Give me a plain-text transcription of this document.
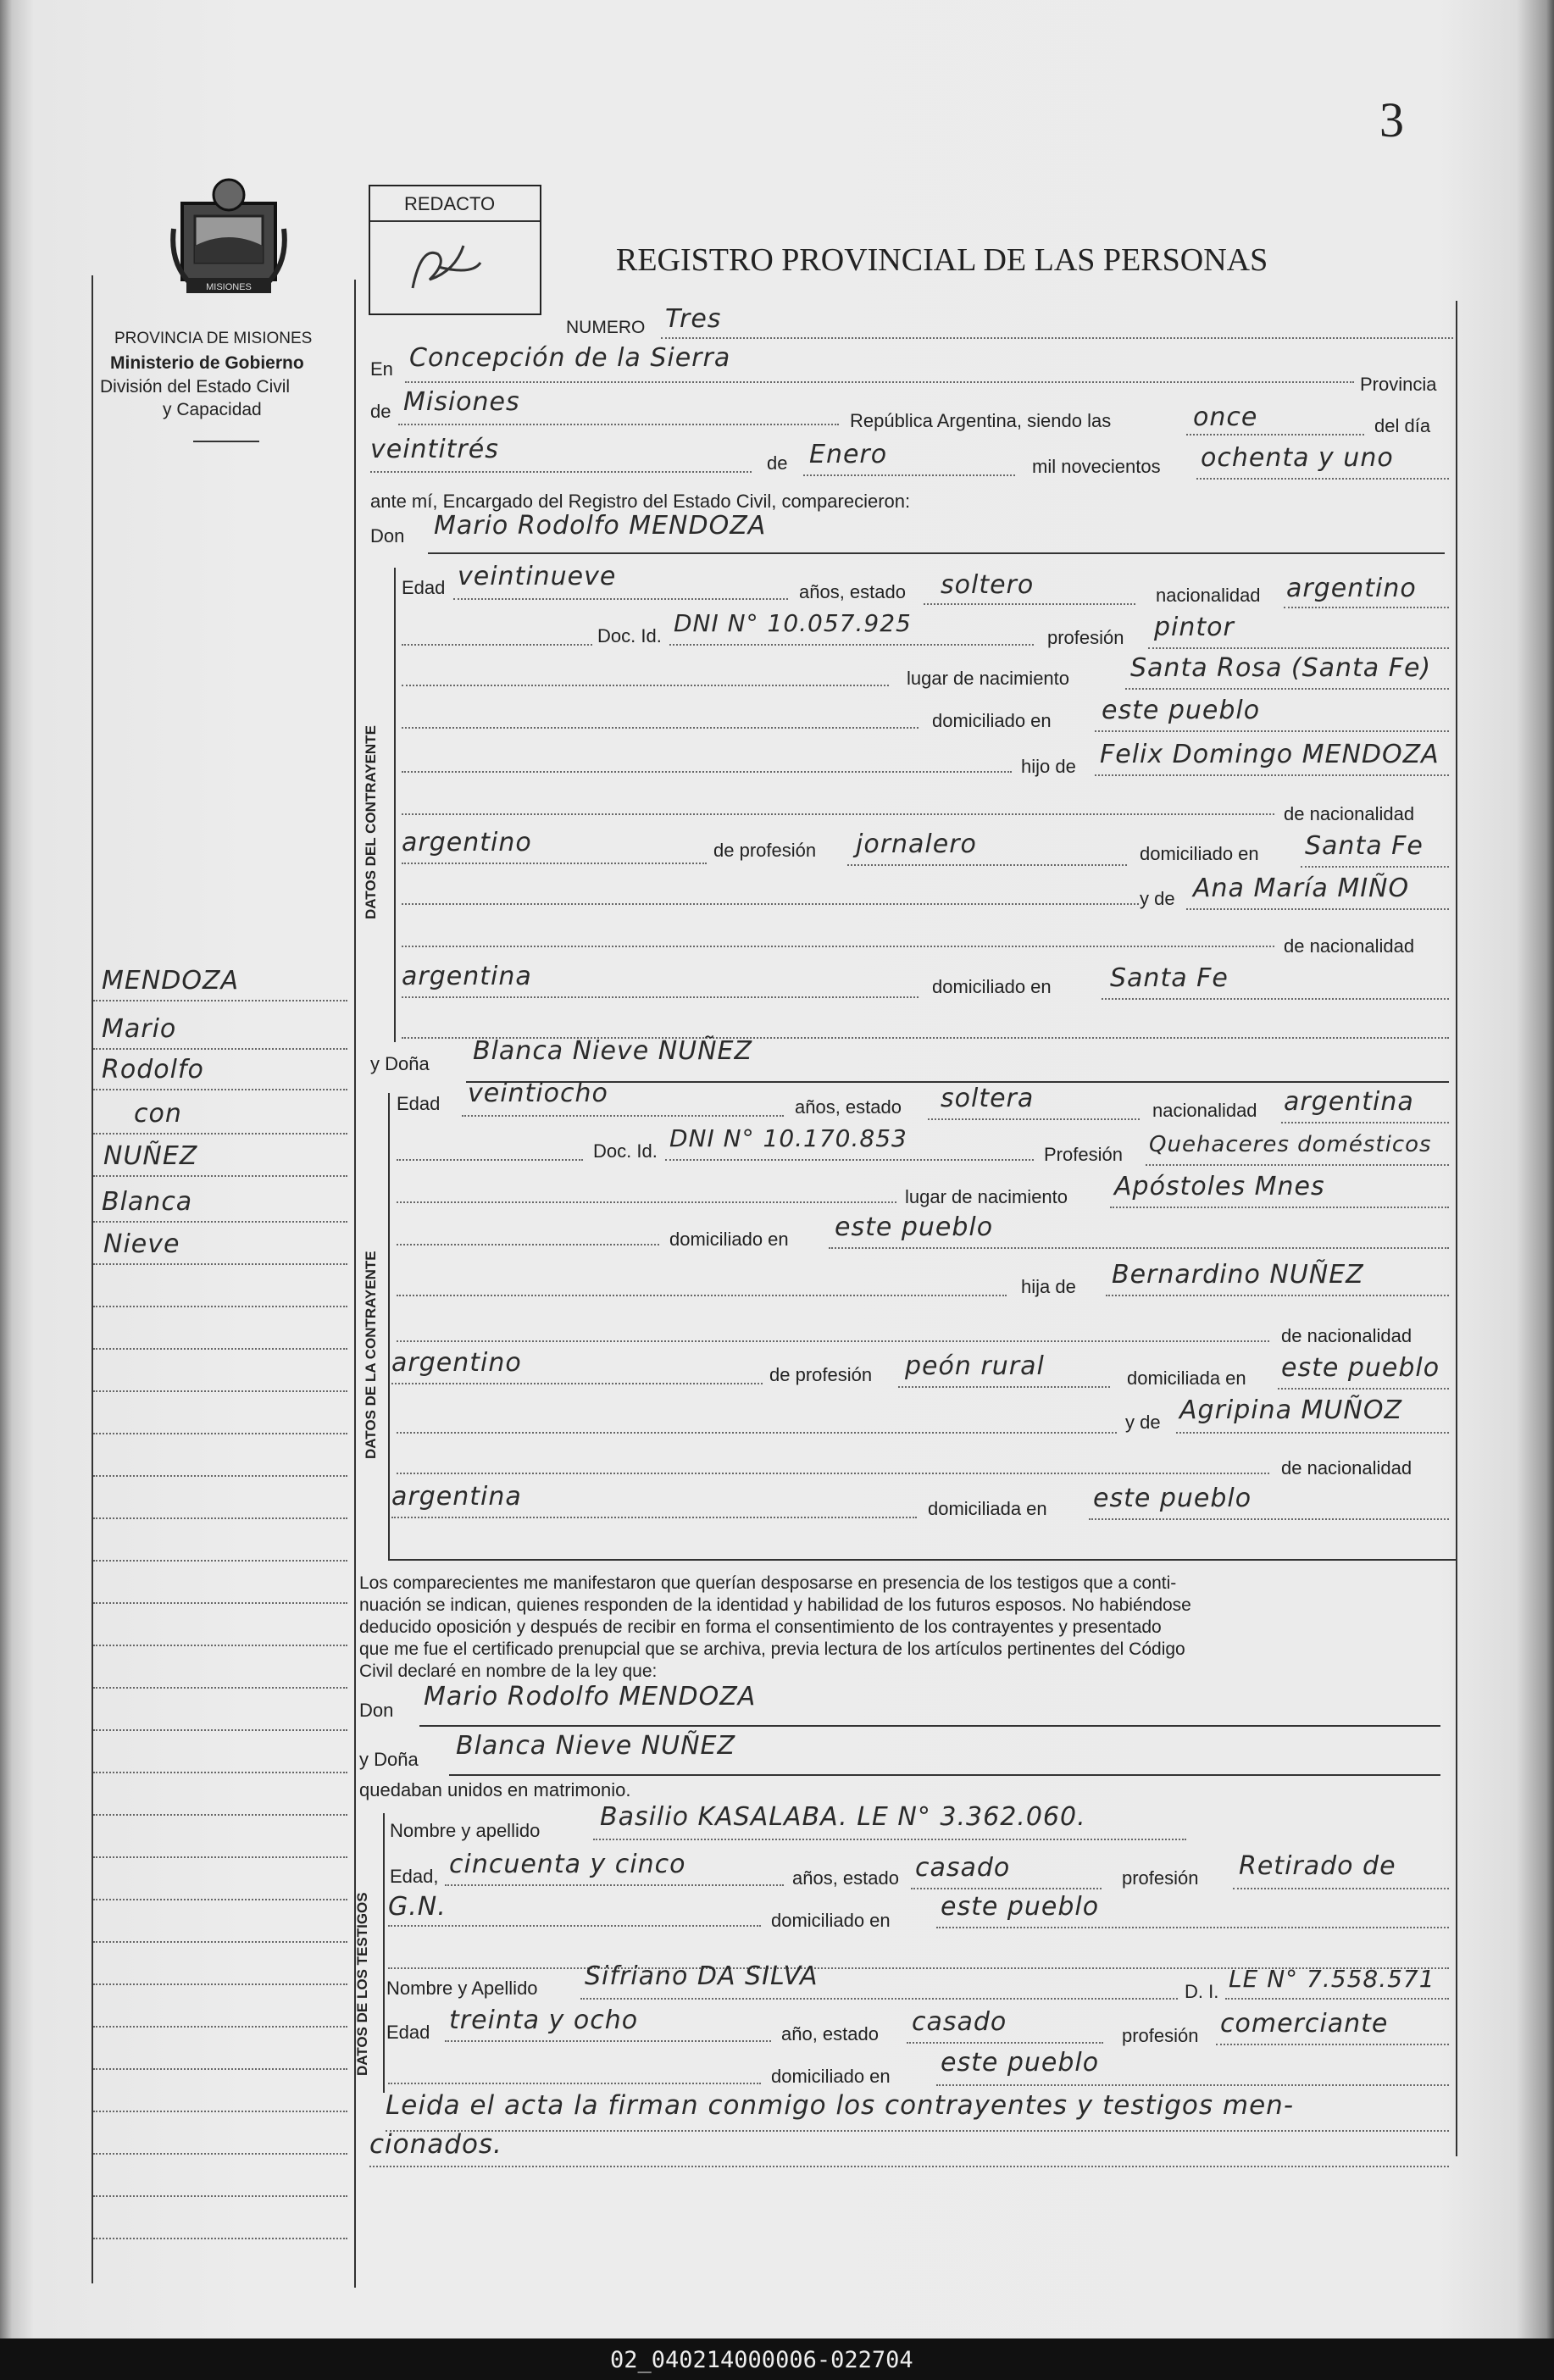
3
MISIONES
PROVINCIA DE MISIONES
Ministerio de Gobierno
División del Estado Civil
y Capacidad
REDACTO
REGISTRO PROVINCIAL DE LAS PERSONAS
NUMERO Tres
En Concepción de la Sierra
Provincia
de Misiones
República Argentina, siendo las	once	del día
veintitrés	de Enero	mil novecientos ochenta y uno
ante mí, Encargado del Registro del Estado Civil, comparecieron:
Don Mario Rodolfo MENDOZA
DATOS DEL CONTRAYENTE
Edad veintinueve
años, estado soltero	nacionalidad argentino
Doc. Id. DNI N° 10.057.925
profesión pintor
lugar de nacimiento Santa Rosa (Santa Fe)
domiciliado en este pueblo
hijo de Felix Domingo MENDOZA
de nacionalidad
argentino	de profesión jornalero	domiciliado en Santa Fe
y de Ana María MIÑO
de nacionalidad
argentina	domiciliado en Santa Fe
y Doña Blanca Nieve NUÑEZ
DATOS DE LA CONTRAYENTE
Edad veintiocho	años, estado soltera	nacionalidad argentina
Doc. Id. DNI N° 10.170.853
Profesión Quehaceres domésticos
lugar de nacimiento Apóstoles Mnes
domiciliado en este pueblo
hija de Bernardino NUÑEZ
de nacionalidad
argentino	de profesión peón rural	domiciliada en este pueblo
y de Agripina MUÑOZ
de nacionalidad
argentina	domiciliada en este pueblo
Los comparecientes me manifestaron que querían desposarse en presencia de los testigos que a conti-
nuación se indican, quienes responden de la identidad y habilidad de los futuros esposos. No habiéndose
deducido oposición y después de recibir en forma el consentimiento de los contrayentes y presentado
que me fue el certificado prenupcial que se archiva, previa lectura de los artículos pertinentes del Código
Civil declaré en nombre de la ley que:
Don Mario Rodolfo MENDOZA
y Doña Blanca Nieve NUÑEZ
quedaban unidos en matrimonio.
DATOS DE LOS TESTIGOS
Nombre y apellido Basilio KASALABA. LE N° 3.362.060.
Edad, cincuenta y cinco	años, estado casado	profesión Retirado de
G.N.	domiciliado en este pueblo
Nombre y Apellido Sifriano DA SILVA
D. I. LE N° 7.558.571
Edad treinta y ocho	año, estado casado	profesión comerciante
domiciliado en este pueblo
Leida el acta la firman conmigo los contrayentes y testigos men-
cionados.
MENDOZA
Mario
Rodolfo
con
NUÑEZ
Blanca
Nieve
02_040214000006-022704
